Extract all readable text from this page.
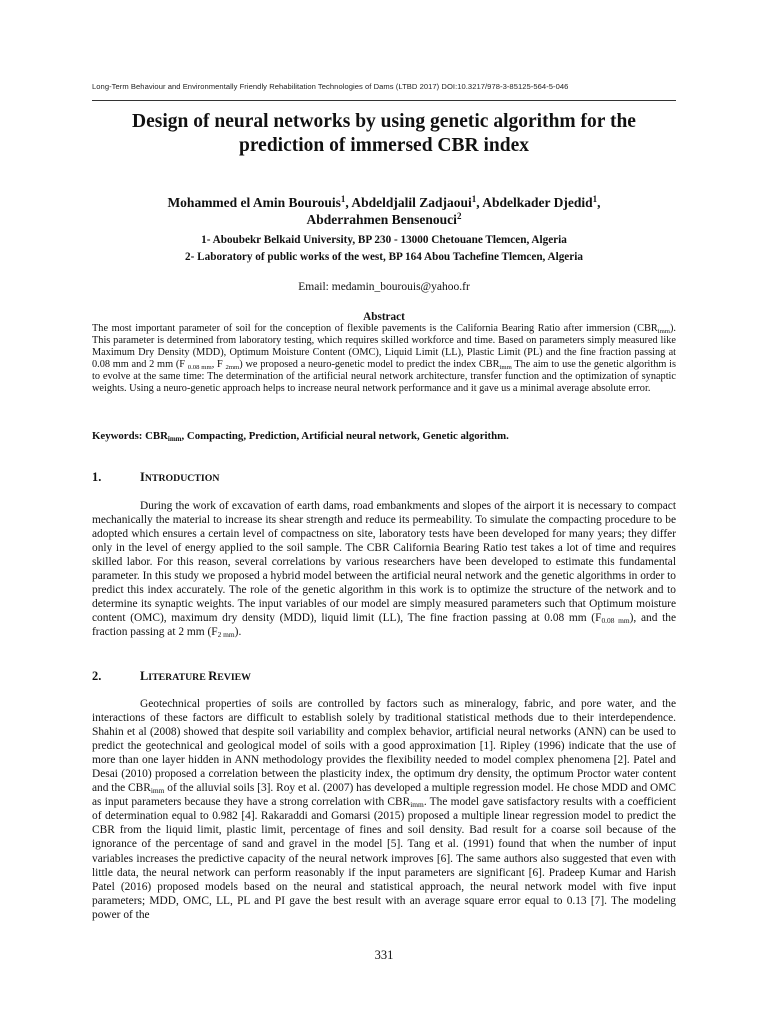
Long-Term Behaviour and Environmentally Friendly Rehabilitation Technologies of Dams (LTBD 2017) DOI:10.3217/978-3-85125-564-5-046
Design of neural networks by using genetic algorithm for the
prediction of immersed CBR index
Mohammed el Amin Bourouis$^1$, Abdeldjalil Zadjaoui$^1$, Abdelkader Djedid$^1$,
Abderrahmen Bensenouci$^2$
1- Aboubekr Belkaid University, BP 230 - 13000 Chetouane Tlemcen, Algeria
2- Laboratory of public works of the west, BP 164 Abou Tachefine Tlemcen, Algeria
Email: medamin_bourouis@yahoo.fr
Abstract
The most important parameter of soil for the conception of flexible pavements is the California Bearing Ratio after immersion $(CBR_{imm})$. This parameter is determined from laboratory testing, which requires skilled workforce and time. Based on parameters simply measured like Maximum Dry Density (MDD), Optimum Moisture Content (OMC), Liquid Limit (LL), Plastic Limit (PL) and the fine fraction passing at 0.08 mm and 2 mm (F $_{0.08 mm}$, F $_{2mm}$) we proposed a neuro-genetic model to predict the index $CBR_{imm}$ The aim to use the genetic algorithm is to evolve at the same time: The determination of the artificial neural network architecture, transfer function and the optimization of synaptic weights. Using a neuro-genetic approach helps to increase neural network performance and it gave us a minimal average absolute error.
Keywords: $CBR_{imm}$, Compacting, Prediction, Artificial neural network, Genetic algorithm.
1.	INTRODUCTION
During the work of excavation of earth dams, road embankments and slopes of the airport it is necessary to compact mechanically the material to increase its shear strength and reduce its permeability. To simulate the compacting procedure to be adopted which ensures a certain level of compactness on site, laboratory tests have been developed for many years; they differ only in the level of energy applied to the soil sample. The CBR California Bearing Ratio test takes a lot of time and requires skilled labor. For this reason, several correlations by various researchers have been developed to estimate this fundamental parameter. In this study we proposed a hybrid model between the artificial neural network and the genetic algorithms in order to predict this index accurately. The role of the genetic algorithm in this work is to optimize the structure of the network and to determine its synaptic weights. The input variables of our model are simply measured parameters such that Optimum moisture content (OMC), maximum dry density (MDD), liquid limit (LL), The fine fraction passing at 0.08 mm $(F_{0.08 mm})$, and the fraction passing at 2 mm $(F_{2 mm})$.
2.	LITERATURE REVIEW
Geotechnical properties of soils are controlled by factors such as mineralogy, fabric, and pore water, and the interactions of these factors are difficult to establish solely by traditional statistical methods due to their interdependence. Shahin et al (2008) showed that despite soil variability and complex behavior, artificial neural networks (ANN) can be used to predict the geotechnical and geological model of soils with a good approximation [1]. Ripley (1996) indicate that the use of more than one layer hidden in ANN methodology provides the flexibility needed to model complex phenomena [2]. Patel and Desai (2010) proposed a correlation between the plasticity index, the optimum dry density, the optimum Proctor water content and the $CBR_{imm}$ of the alluvial soils [3]. Roy et al. (2007) has developed a multiple regression model. He chose MDD and OMC as input parameters because they have a strong correlation with $CBR_{imm}$. The model gave satisfactory results with a coefficient of determination equal to 0.982 [4]. Rakaraddi and Gomarsi (2015) proposed a multiple linear regression model to predict the CBR from the liquid limit, plastic limit, percentage of fines and soil density. Bad result for a coarse soil because of the ignorance of the percentage of sand and gravel in the model [5]. Tang et al. (1991) found that when the number of input variables increases the predictive capacity of the neural network improves [6]. The same authors also suggested that even with little data, the neural network can perform reasonably if the input parameters are significant [6]. Pradeep Kumar and Harish Patel (2016) proposed models based on the neural and statistical approach, the neural network model with five input parameters; MDD, OMC, LL, PL and PI gave the best result with an average square error equal to 0.13 [7]. The modeling power of the
331
